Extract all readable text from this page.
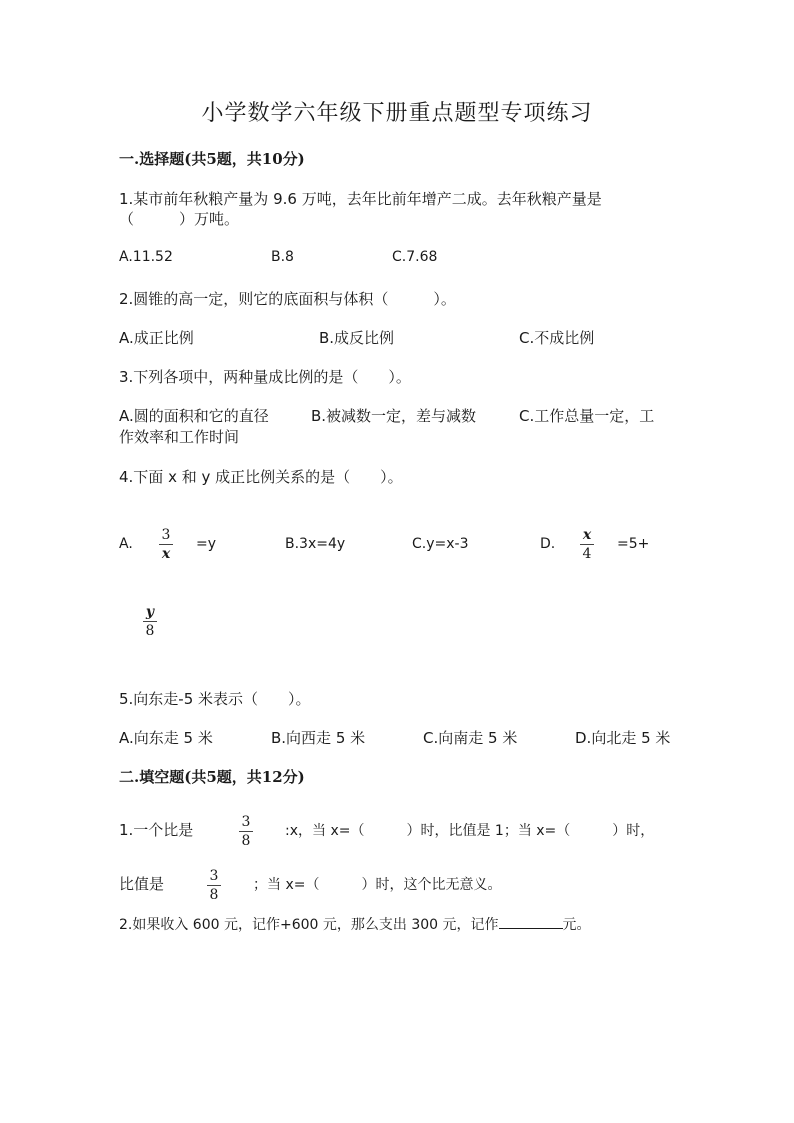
小学数学六年级下册重点题型专项练习
一.选择题(共5题，共10分)
1.某市前年秋粮产量为 9.6 万吨，去年比前年增产二成。去年秋粮产量是
（　　　）万吨。
A.11.52	B.8	C.7.68
2.圆锥的高一定，则它的底面积与体积（　　　）。
A.成正比例	B.成反比例	C.不成比例
3.下列各项中，两种量成比例的是（　　）。
A.圆的面积和它的直径	B.被减数一定，差与减数	C.工作总量一定，工
作效率和工作时间
4.下面 x 和 y 成正比例关系的是（　　）。
A.
3
x
=y	B.3x=4y	C.y=x-3	D.
x
4
=5+
y
8
5.向东走-5 米表示（　　）。
A.向东走 5 米	B.向西走 5 米	C.向南走 5 米	D.向北走 5 米
二.填空题(共5题，共12分)
1.一个比是	3
8
:x，当 x=（　　　）时，比值是 1；当 x=（　　　）时，
比值是	3
8
；当 x=（　　　）时，这个比无意义。
2.如果收入 600 元，记作+600 元，那么支出 300 元，记作	元。
